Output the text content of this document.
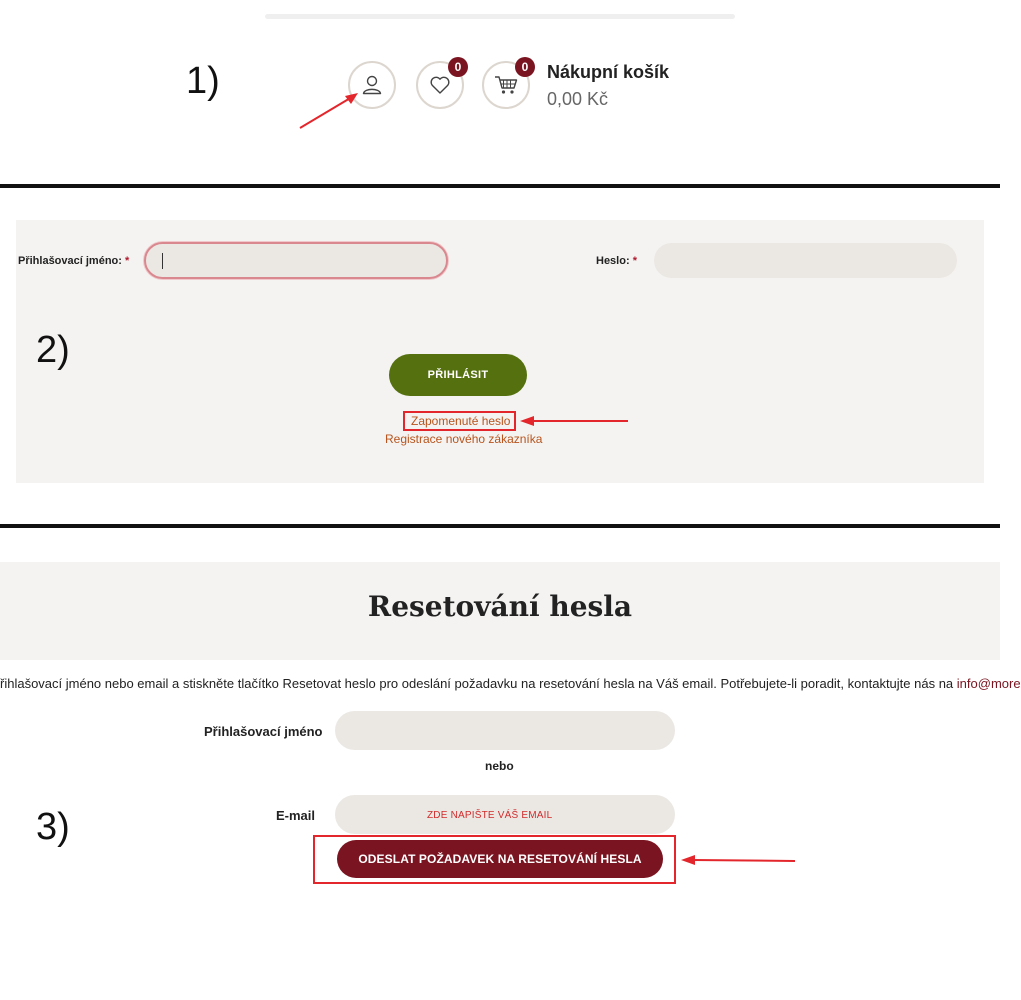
1)	0	0	Nákupní košík
0,00 Kč
Přihlašovací jméno: *	Heslo: *
2)
PŘIHLÁSIT
Zapomenuté heslo
Registrace nového zákazníka
Resetování hesla
řihlašovací jméno nebo email a stiskněte tlačítko Resetovat heslo pro odeslání požadavku na resetování hesla na Váš email. Potřebujete-li poradit, kontaktujte nás na info@more
Přihlašovací jméno
nebo
E-mail	ZDE NAPIŠTE VÁŠ EMAIL
3)
ODESLAT POŽADAVEK NA RESETOVÁNÍ HESLA
